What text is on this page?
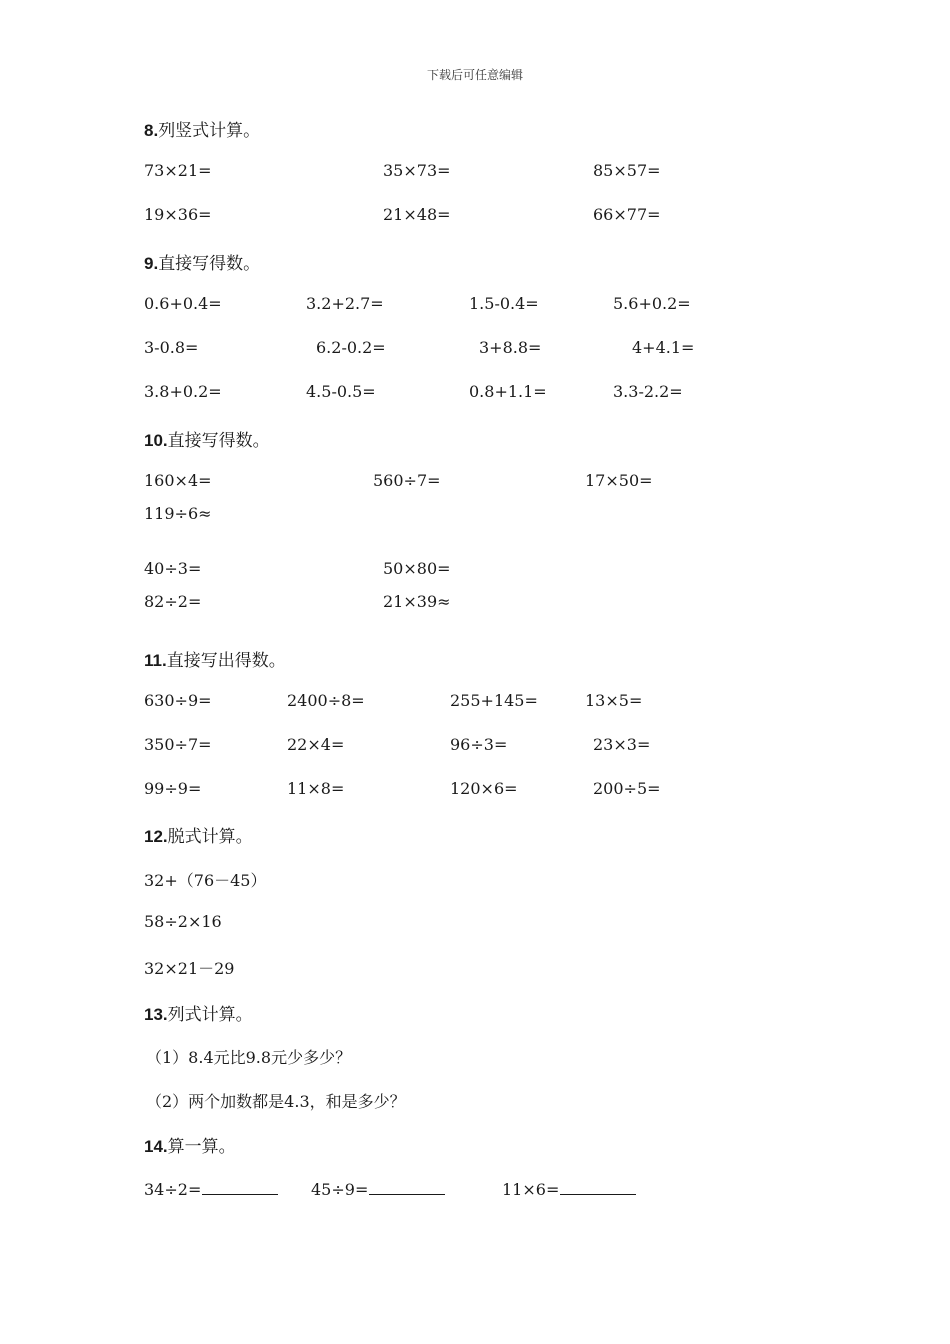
下载后可任意编辑
8.列竖式计算。
73×21=	35×73=	85×57=
19×36=	21×48=	66×77=
9.直接写得数。
0.6+0.4=	3.2+2.7=	1.5-0.4=	5.6+0.2=
3-0.8=	6.2-0.2=	3+8.8=	4+4.1=
3.8+0.2=	4.5-0.5=	0.8+1.1=	3.3-2.2=
10.直接写得数。
160×4=	560÷7=	17×50=
119÷6≈
40÷3=	50×80=
82÷2=	21×39≈
11.直接写出得数。
630÷9=	2400÷8=	255+145=	13×5=
350÷7=	22×4=	96÷3=	23×3=
99÷9=	11×8=	120×6=	200÷5=
12.脱式计算。
32+（76－45）
58÷2×16
32×21－29
13.列式计算。
（1）8.4元比9.8元少多少？
（2）两个加数都是4.3，和是多少？
14.算一算。
34÷2=	45÷9=	11×6=
